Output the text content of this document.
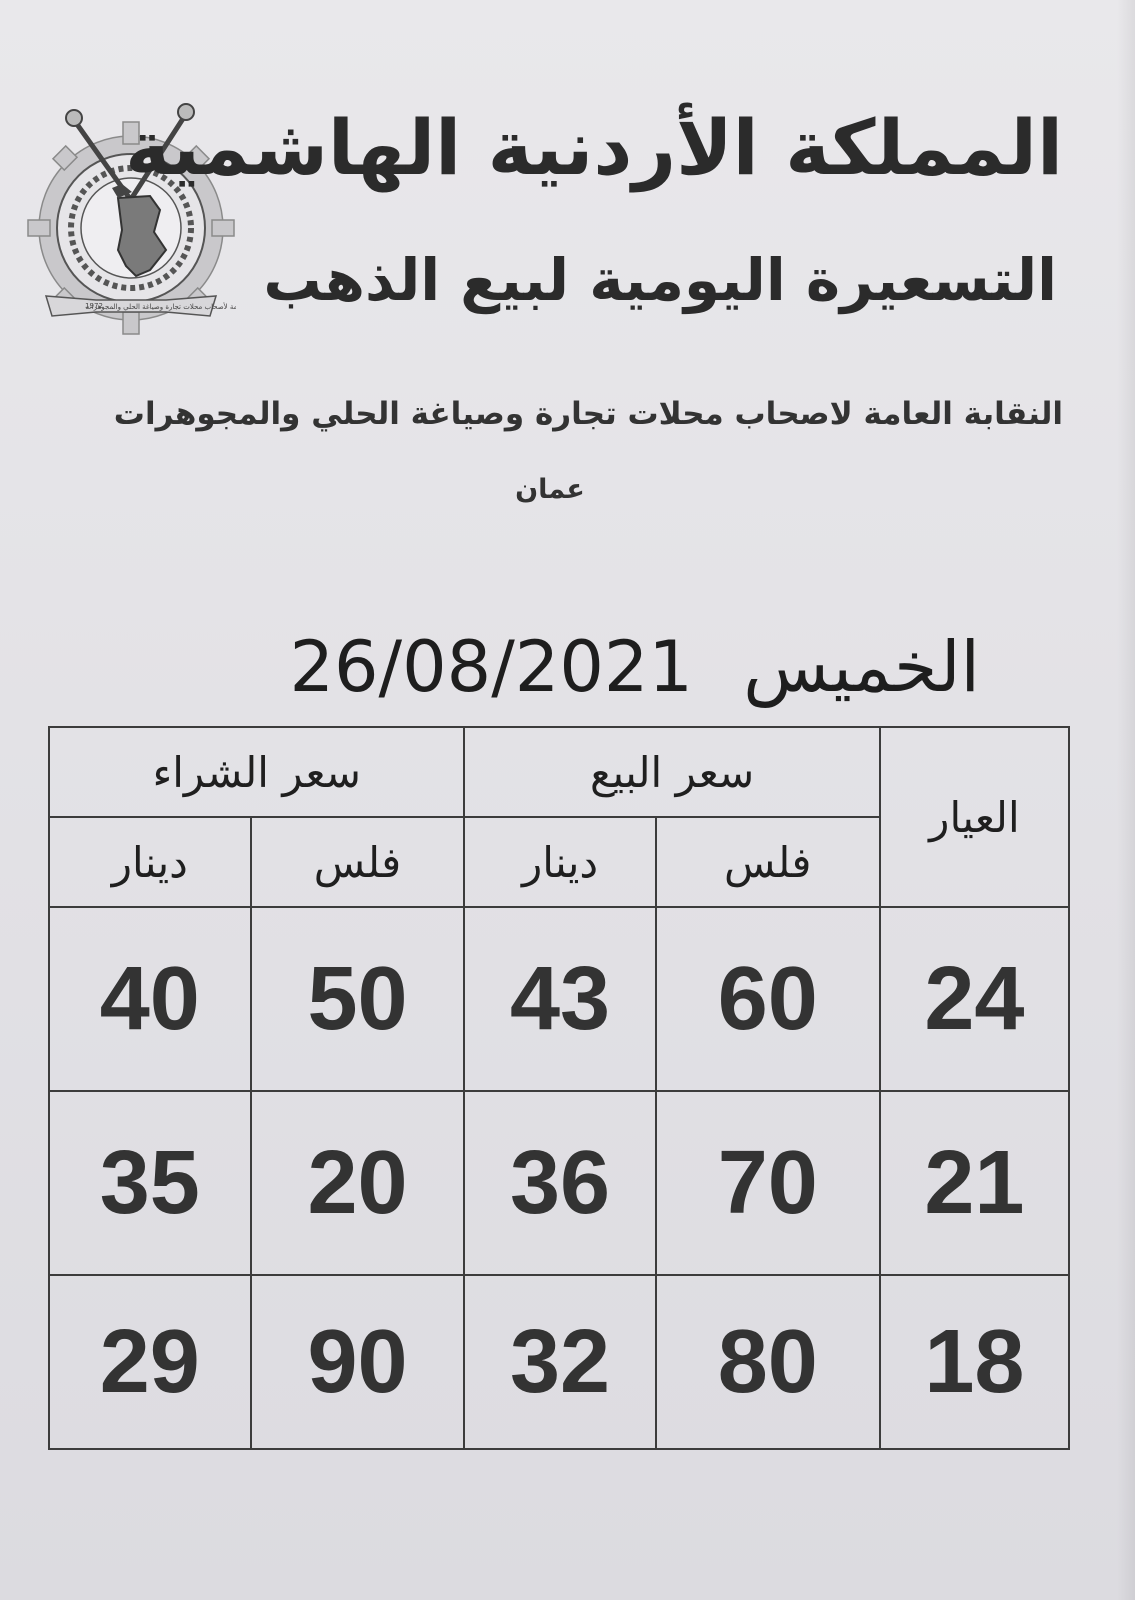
مة لأصحاب محلات تجارة وصياغة الحلي والمجوهرات
1972
المملكة الأردنية الهاشمية
التسعيرة اليومية لبيع الذهب
النقابة العامة لاصحاب محلات تجارة وصياغة الحلي والمجوهرات
عمان
الخميس 26/08/2021
العيار	سعر البيع		سعر الشراء	
	فلس	دينار	فلس	دينار
24	60	43	50	40
21	70	36	20	35
18	80	32	90	29
